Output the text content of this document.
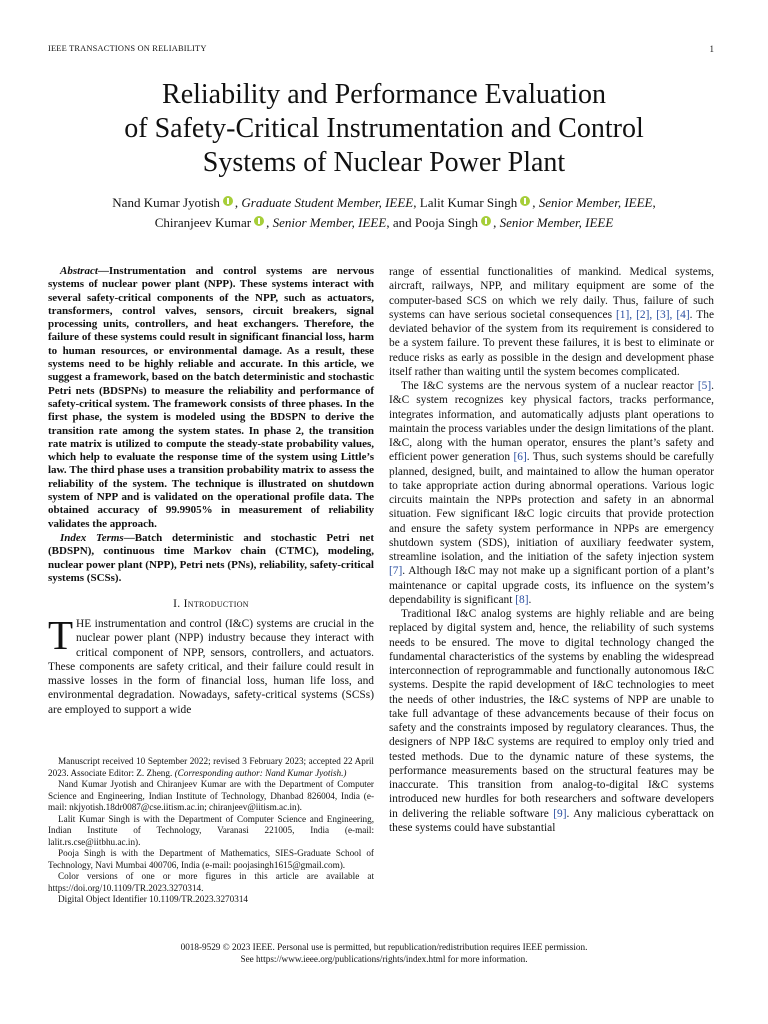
IEEE TRANSACTIONS ON RELIABILITY	1
Reliability and Performance Evaluation
of Safety-Critical Instrumentation and Control
Systems of Nuclear Power Plant
Nand Kumar Jyotish , Graduate Student Member, IEEE, Lalit Kumar Singh , Senior Member, IEEE,
Chiranjeev Kumar , Senior Member, IEEE, and Pooja Singh , Senior Member, IEEE

Abstract—Instrumentation and control systems are nervous systems of nuclear power plant (NPP). These systems interact with several safety-critical components of the NPP, such as actuators, transformers, control valves, sensors, circuit breakers, signal processing units, controllers, and heat exchangers. Therefore, the failure of these systems could result in significant financial loss, harm to human resources, or environmental damage. As a result, these systems need to be highly reliable and accurate. In this article, we suggest a framework, based on the batch deterministic and stochastic Petri nets (BDSPNs) to measure the reliability and performance of safety-critical system. The framework consists of three phases. In the first phase, the system is modeled using the BDSPN to derive the transition rate among the system states. In phase 2, the transition rate matrix is utilized to compute the steady-state probability values, which help to evaluate the response time of the system using Little’s law. The third phase uses a transition probability matrix to assess the reliability of the system. The technique is illustrated on shutdown system of NPP and is validated on the operational profile data. The obtained accuracy of 99.9905% in measurement of reliability validates the approach.

Index Terms—Batch deterministic and stochastic Petri net (BDSPN), continuous time Markov chain (CTMC), modeling, nuclear power plant (NPP), Petri nets (PNs), reliability, safety-critical systems (SCSs).

I. Introduction

THE instrumentation and control (I&C) systems are crucial in the nuclear power plant (NPP) industry because they interact with critical component of NPP, sensors, controllers, and actuators. These components are safety critical, and their failure could result in massive losses in the form of financial loss, human life loss, and environmental degradation. Nowadays, safety-critical systems (SCSs) are employed to support a wide

Manuscript received 10 September 2022; revised 3 February 2023; accepted 22 April 2023. Associate Editor: Z. Zheng. (Corresponding author: Nand Kumar Jyotish.)

Nand Kumar Jyotish and Chiranjeev Kumar are with the Department of Computer Science and Engineering, Indian Institute of Technology, Dhanbad 826004, India (e-mail: nkjyotish.18dr0087@cse.iitism.ac.in; chiranjeev@iitism.ac.in).

Lalit Kumar Singh is with the Department of Computer Science and Engineering, Indian Institute of Technology, Varanasi 221005, India (e-mail: lalit.rs.cse@iitbhu.ac.in).

Pooja Singh is with the Department of Mathematics, SIES-Graduate School of Technology, Navi Mumbai 400706, India (e-mail: poojasingh1615@gmail.com).

Color versions of one or more figures in this article are available at https://doi.org/10.1109/TR.2023.3270314.

Digital Object Identifier 10.1109/TR.2023.3270314

range of essential functionalities of mankind. Medical systems, aircraft, railways, NPP, and military equipment are some of the computer-based SCS on which we rely daily. Thus, failure of such systems can have serious societal consequences [1], [2], [3], [4]. The deviated behavior of the system from its requirement is considered to be a system failure. To prevent these failures, it is best to eliminate or reduce risks as early as possible in the design and development phase itself rather than waiting until the system becomes complicated.

The I&C systems are the nervous system of a nuclear reactor [5]. I&C system recognizes key physical factors, tracks performance, integrates information, and automatically adjusts plant operations to maintain the process variables under the design limitations of the plant. I&C, along with the human operator, ensures the plant’s safety and efficient power generation [6]. Thus, such systems should be carefully planned, designed, built, and maintained to allow the human operator to take appropriate action during abnormal operations. Various logic circuits maintain the NPPs protection and safety in an abnormal situation. Few significant I&C logic circuits that provide protection and ensure the safety system performance in NPPs are emergency shutdown system (SDS), initiation of auxiliary feedwater system, streamline isolation, and the initiation of the safety injection system [7]. Although I&C may not make up a significant portion of a plant’s maintenance or capital upgrade costs, its influence on the system’s dependability is significant [8].

Traditional I&C analog systems are highly reliable and are being replaced by digital system and, hence, the reliability of such systems needs to be ensured. The move to digital technology changed the fundamental characteristics of the systems by enabling the widespread interconnection of reprogrammable and functionally autonomous I&C systems. Despite the rapid development of I&C technologies to meet the needs of other industries, the I&C systems of NPP are unable to take full advantage of these advancements because of their focus on safety and the constraints imposed by regulatory clearances. Thus, the designers of NPP I&C systems are required to employ only tried and tested methods. Due to the dynamic nature of these systems, the performance measurements based on the structural features may be inaccurate. This transition from analog-to-digital I&C systems introduced new hurdles for both researchers and software developers in delivering the reliable software [9]. Any malicious cyberattack on these systems could have substantial

0018-9529 © 2023 IEEE. Personal use is permitted, but republication/redistribution requires IEEE permission.
See https://www.ieee.org/publications/rights/index.html for more information.
